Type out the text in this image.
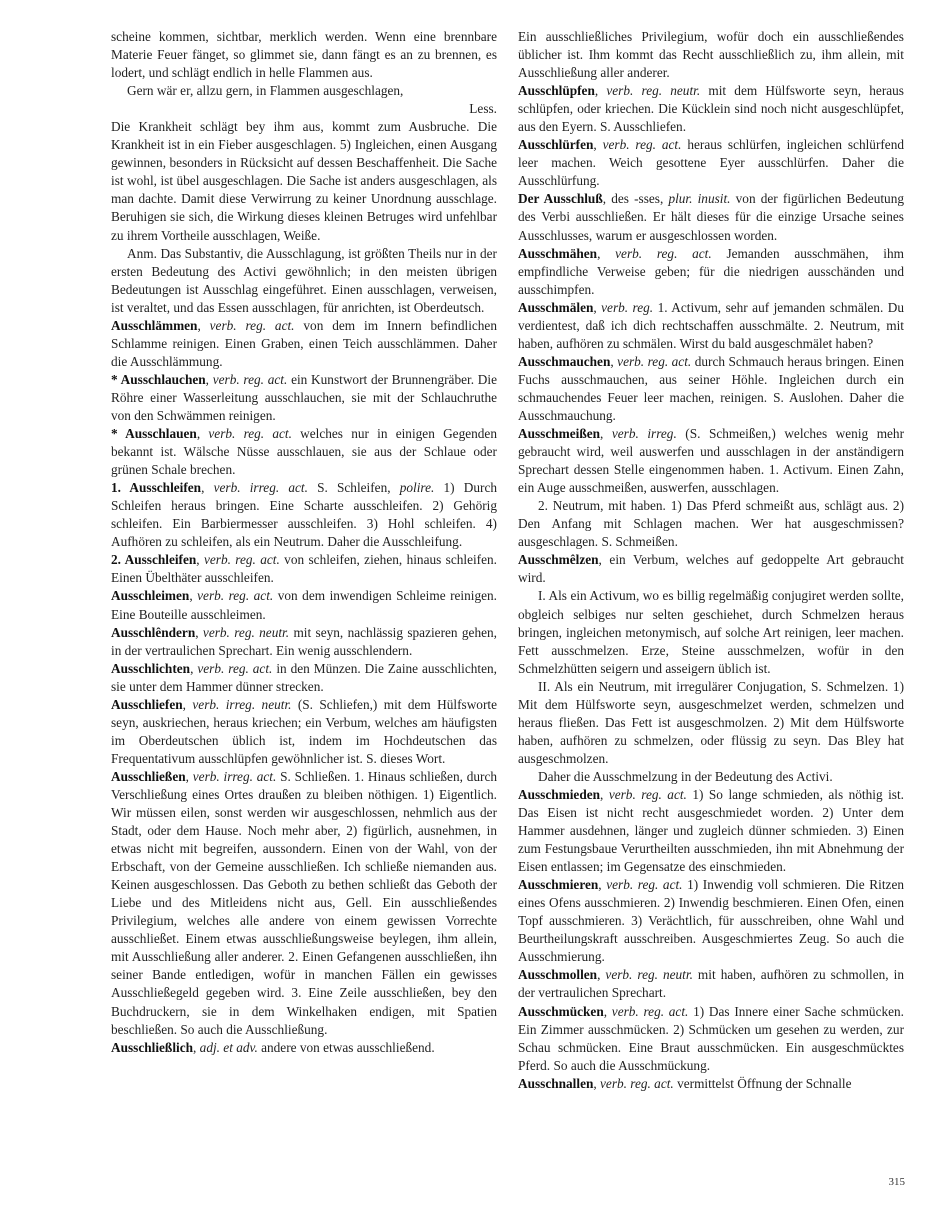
scheine kommen, sichtbar, merklich werden. Wenn eine brennbare Materie Feuer fänget, so glimmet sie, dann fängt es an zu brennen, es lodert, und schlägt endlich in helle Flammen aus.

Gern wär er, allzu gern, in Flammen ausgeschlagen,

Less.

Die Krankheit schlägt bey ihm aus, kommt zum Ausbruche. Die Krankheit ist in ein Fieber ausgeschlagen. 5) Ingleichen, einen Ausgang gewinnen, besonders in Rücksicht auf dessen Beschaffenheit. Die Sache ist wohl, ist übel ausgeschlagen. Die Sache ist anders ausgeschlagen, als man dachte. Damit diese Verwirrung zu keiner Unordnung ausschlage. Beruhigen sie sich, die Wirkung dieses kleinen Betruges wird unfehlbar zu ihrem Vortheile ausschlagen, Weiße.

Anm. Das Substantiv, die Ausschlagung, ist größten Theils nur in der ersten Bedeutung des Activi gewöhnlich; in den meisten übrigen Bedeutungen ist Ausschlag eingeführet. Einen ausschlagen, verweisen, ist veraltet, und das Essen ausschlagen, für anrichten, ist Oberdeutsch.

Ausschlämmen, verb. reg. act. von dem im Innern befindlichen Schlamme reinigen. Einen Graben, einen Teich ausschlämmen. Daher die Ausschlämmung.

* Ausschlauchen, verb. reg. act. ein Kunstwort der Brunnengräber. Die Röhre einer Wasserleitung ausschlauchen, sie mit der Schlauchruthe von den Schwämmen reinigen.

* Ausschlauen, verb. reg. act. welches nur in einigen Gegenden bekannt ist. Wälsche Nüsse ausschlauen, sie aus der Schlaue oder grünen Schale brechen.

1. Ausschleifen, verb. irreg. act. S. Schleifen, polire. 1) Durch Schleifen heraus bringen. Eine Scharte ausschleifen. 2) Gehörig schleifen. Ein Barbiermesser ausschleifen. 3) Hohl schleifen. 4) Aufhören zu schleifen, als ein Neutrum. Daher die Ausschleifung.

2. Ausschleifen, verb. reg. act. von schleifen, ziehen, hinaus schleifen. Einen Übelthäter ausschleifen.

Ausschleimen, verb. reg. act. von dem inwendigen Schleime reinigen. Eine Bouteille ausschleimen.

Ausschlêndern, verb. reg. neutr. mit seyn, nachlässig spazieren gehen, in der vertraulichen Sprechart. Ein wenig ausschlendern.

Ausschlichten, verb. reg. act. in den Münzen. Die Zaine ausschlichten, sie unter dem Hammer dünner strecken.

Ausschliefen, verb. irreg. neutr. (S. Schliefen,) mit dem Hülfsworte seyn, auskriechen, heraus kriechen; ein Verbum, welches am häufigsten im Oberdeutschen üblich ist, indem im Hochdeutschen das Frequentativum ausschlüpfen gewöhnlicher ist. S. dieses Wort.

Ausschließen, verb. irreg. act. S. Schließen. 1. Hinaus schließen, durch Verschließung eines Ortes draußen zu bleiben nöthigen. 1) Eigentlich. Wir müssen eilen, sonst werden wir ausgeschlossen, nehmlich aus der Stadt, oder dem Hause. Noch mehr aber, 2) figürlich, ausnehmen, in etwas nicht mit begreifen, aussondern. Einen von der Wahl, von der Erbschaft, von der Gemeine ausschließen. Ich schließe niemanden aus. Keinen ausgeschlossen. Das Geboth zu bethen schließt das Geboth der Liebe und des Mitleidens nicht aus, Gell. Ein ausschließendes Privilegium, welches alle andere von einem gewissen Vorrechte ausschließet. Einem etwas ausschließungsweise beylegen, ihm allein, mit Ausschließung aller anderer. 2. Einen Gefangenen ausschließen, ihn seiner Bande entledigen, wofür in manchen Fällen ein gewisses Ausschließegeld gegeben wird. 3. Eine Zeile ausschließen, bey den Buchdruckern, sie in dem Winkelhaken endigen, mit Spatien beschließen. So auch die Ausschließung.

Ausschließlich, adj. et adv. andere von etwas ausschließend.

Ein ausschließliches Privilegium, wofür doch ein ausschließendes üblicher ist. Ihm kommt das Recht ausschließlich zu, ihm allein, mit Ausschließung aller anderer.

Ausschlüpfen, verb. reg. neutr. mit dem Hülfsworte seyn, heraus schlüpfen, oder kriechen. Die Kücklein sind noch nicht ausgeschlüpfet, aus den Eyern. S. Ausschliefen.

Ausschlürfen, verb. reg. act. heraus schlürfen, ingleichen schlürfend leer machen. Weich gesottene Eyer ausschlürfen. Daher die Ausschlürfung.

Der Ausschluß, des -sses, plur. inusit. von der figürlichen Bedeutung des Verbi ausschließen. Er hält dieses für die einzige Ursache seines Ausschlusses, warum er ausgeschlossen worden.

Ausschmähen, verb. reg. act. Jemanden ausschmähen, ihm empfindliche Verweise geben; für die niedrigen ausschänden und ausschimpfen.

Ausschmälen, verb. reg. 1. Activum, sehr auf jemanden schmälen. Du verdientest, daß ich dich rechtschaffen ausschmälte. 2. Neutrum, mit haben, aufhören zu schmälen. Wirst du bald ausgeschmälet haben?

Ausschmauchen, verb. reg. act. durch Schmauch heraus bringen. Einen Fuchs ausschmauchen, aus seiner Höhle. Ingleichen durch ein schmauchendes Feuer leer machen, reinigen. S. Auslohen. Daher die Ausschmauchung.

Ausschmeißen, verb. irreg. (S. Schmeißen,) welches wenig mehr gebraucht wird, weil auswerfen und ausschlagen in der anständigern Sprechart dessen Stelle eingenommen haben. 1. Activum. Einen Zahn, ein Auge ausschmeißen, auswerfen, ausschlagen.

2. Neutrum, mit haben. 1) Das Pferd schmeißt aus, schlägt aus. 2) Den Anfang mit Schlagen machen. Wer hat ausgeschmissen? ausgeschlagen. S. Schmeißen.

Ausschmêlzen, ein Verbum, welches auf gedoppelte Art gebraucht wird.

I. Als ein Activum, wo es billig regelmäßig conjugiret werden sollte, obgleich selbiges nur selten geschiehet, durch Schmelzen heraus bringen, ingleichen metonymisch, auf solche Art reinigen, leer machen. Fett ausschmelzen. Erze, Steine ausschmelzen, wofür in den Schmelzhütten seigern und asseigern üblich ist.

II. Als ein Neutrum, mit irregulärer Conjugation, S. Schmelzen. 1) Mit dem Hülfsworte seyn, ausgeschmelzet werden, schmelzen und heraus fließen. Das Fett ist ausgeschmolzen. 2) Mit dem Hülfsworte haben, aufhören zu schmelzen, oder flüssig zu seyn. Das Bley hat ausgeschmolzen.

Daher die Ausschmelzung in der Bedeutung des Activi.

Ausschmieden, verb. reg. act. 1) So lange schmieden, als nöthig ist. Das Eisen ist nicht recht ausgeschmiedet worden. 2) Unter dem Hammer ausdehnen, länger und zugleich dünner schmieden. 3) Einen zum Festungsbaue Verurtheilten ausschmieden, ihn mit Abnehmung der Eisen entlassen; im Gegensatze des einschmieden.

Ausschmieren, verb. reg. act. 1) Inwendig voll schmieren. Die Ritzen eines Ofens ausschmieren. 2) Inwendig beschmieren. Einen Ofen, einen Topf ausschmieren. 3) Verächtlich, für ausschreiben, ohne Wahl und Beurtheilungskraft ausschreiben. Ausgeschmiertes Zeug. So auch die Ausschmierung.

Ausschmollen, verb. reg. neutr. mit haben, aufhören zu schmollen, in der vertraulichen Sprechart.

Ausschmücken, verb. reg. act. 1) Das Innere einer Sache schmücken. Ein Zimmer ausschmücken. 2) Schmücken um gesehen zu werden, zur Schau schmücken. Eine Braut ausschmücken. Ein ausgeschmücktes Pferd. So auch die Ausschmückung.

Ausschnallen, verb. reg. act. vermittelst Öffnung der Schnalle

315
